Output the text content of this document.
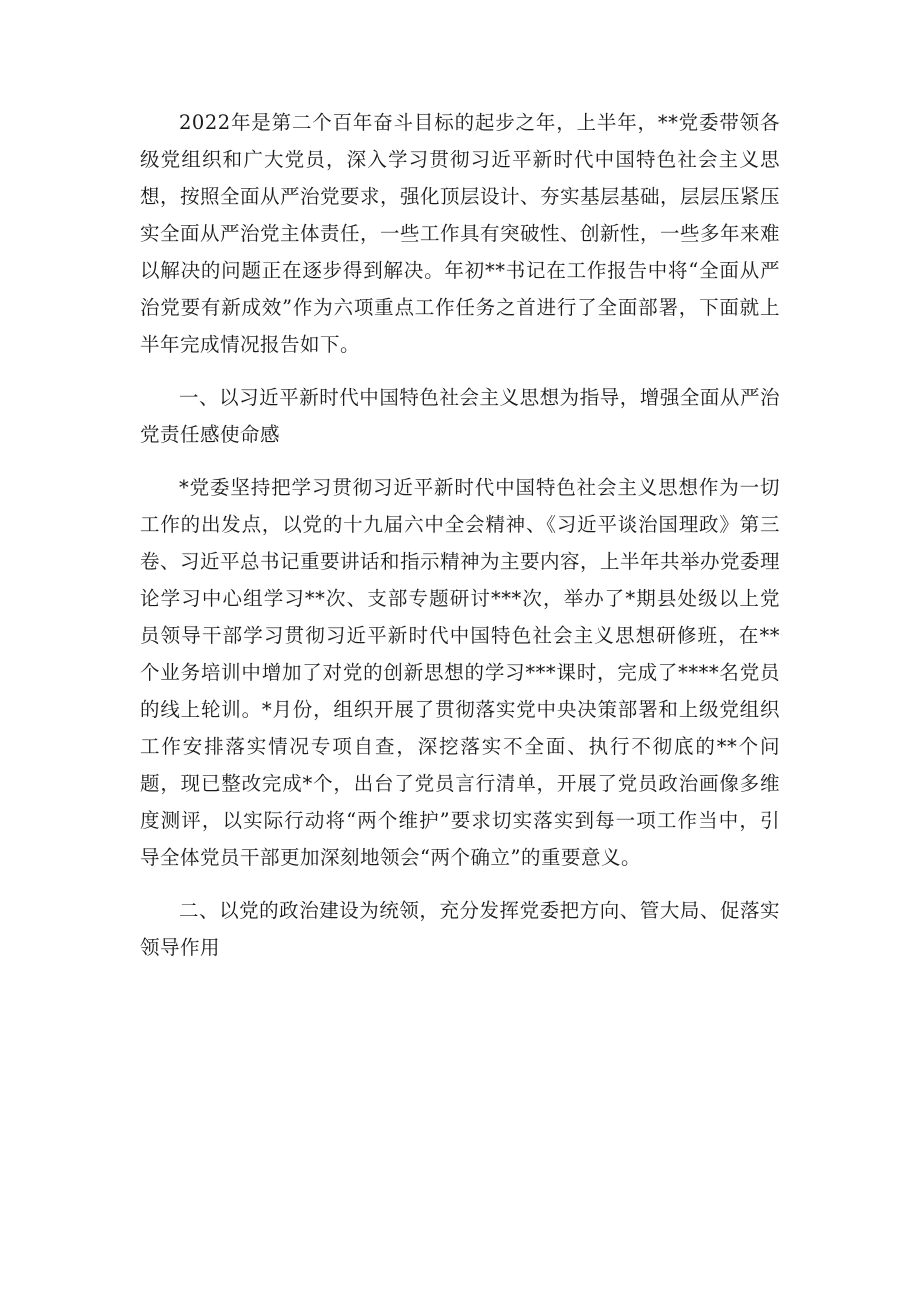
2022年是第二个百年奋斗目标的起步之年，上半年，**党委带领各级党组织和广大党员，深入学习贯彻习近平新时代中国特色社会主义思想，按照全面从严治党要求，强化顶层设计、夯实基层基础，层层压紧压实全面从严治党主体责任，一些工作具有突破性、创新性，一些多年来难以解决的问题正在逐步得到解决。年初**书记在工作报告中将“全面从严治党要有新成效”作为六项重点工作任务之首进行了全面部署，下面就上半年完成情况报告如下。

一、以习近平新时代中国特色社会主义思想为指导，增强全面从严治党责任感使命感

*党委坚持把学习贯彻习近平新时代中国特色社会主义思想作为一切工作的出发点，以党的十九届六中全会精神、《习近平谈治国理政》第三卷、习近平总书记重要讲话和指示精神为主要内容，上半年共举办党委理论学习中心组学习**次、支部专题研讨***次，举办了*期县处级以上党员领导干部学习贯彻习近平新时代中国特色社会主义思想研修班，在**个业务培训中增加了对党的创新思想的学习***课时，完成了****名党员的线上轮训。*月份，组织开展了贯彻落实党中央决策部署和上级党组织工作安排落实情况专项自查，深挖落实不全面、执行不彻底的**个问题，现已整改完成*个，出台了党员言行清单，开展了党员政治画像多维度测评，以实际行动将“两个维护”要求切实落实到每一项工作当中，引导全体党员干部更加深刻地领会“两个确立”的重要意义。

二、以党的政治建设为统领，充分发挥党委把方向、管大局、促落实领导作用
